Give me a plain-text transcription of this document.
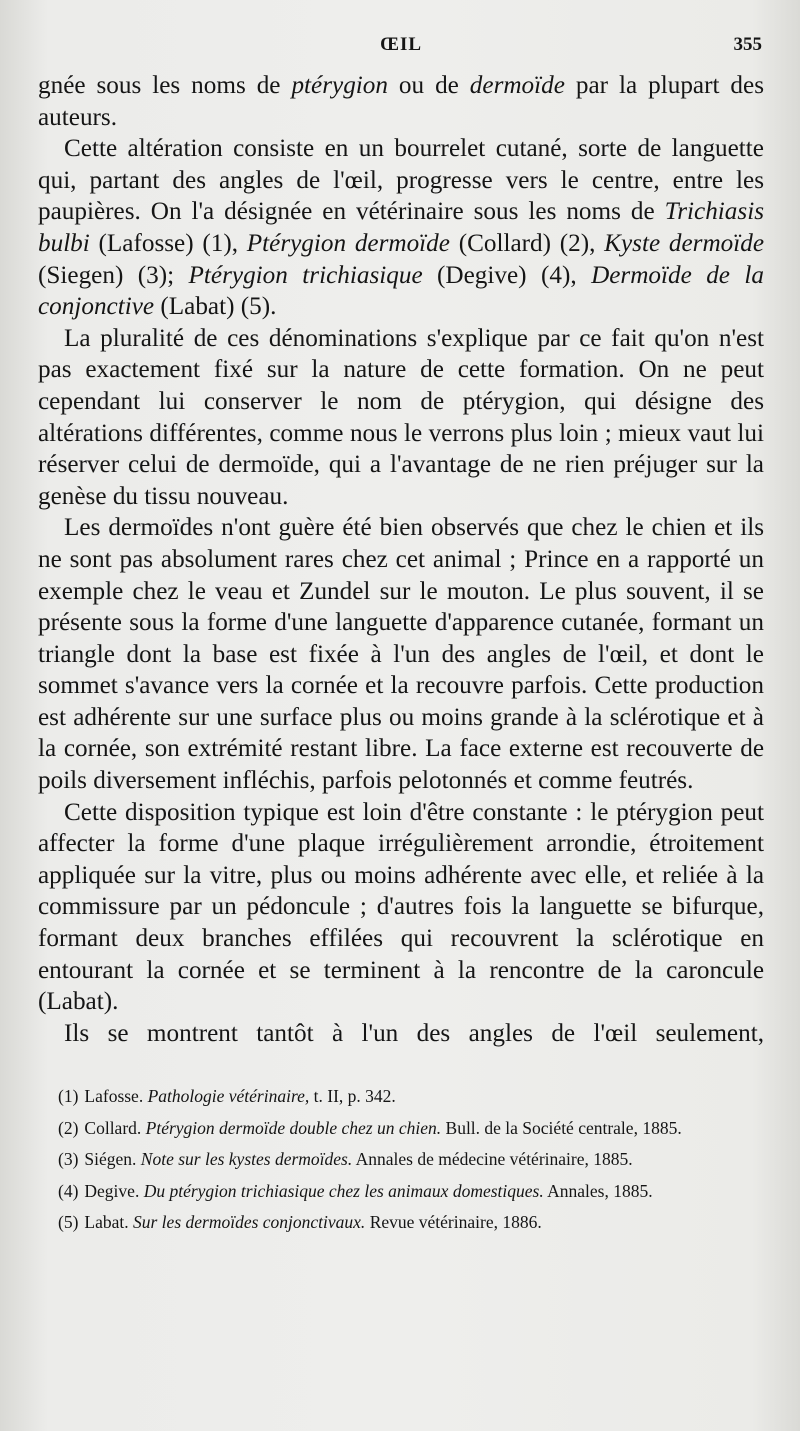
ŒIL	355

gnée sous les noms de ptérygion ou de dermoïde par la plupart des auteurs.

Cette altération consiste en un bourrelet cutané, sorte de languette qui, partant des angles de l'œil, progresse vers le centre, entre les paupières. On l'a désignée en vétérinaire sous les noms de Trichiasis bulbi (Lafosse) (1), Ptérygion dermoïde (Collard) (2), Kyste dermoïde (Siegen) (3); Ptérygion trichiasique (Degive) (4), Dermoïde de la conjonctive (Labat) (5).

La pluralité de ces dénominations s'explique par ce fait qu'on n'est pas exactement fixé sur la nature de cette formation. On ne peut cependant lui conserver le nom de ptérygion, qui désigne des altérations différentes, comme nous le verrons plus loin ; mieux vaut lui réserver celui de dermoïde, qui a l'avantage de ne rien préjuger sur la genèse du tissu nouveau.

Les dermoïdes n'ont guère été bien observés que chez le chien et ils ne sont pas absolument rares chez cet animal ; Prince en a rapporté un exemple chez le veau et Zundel sur le mouton. Le plus souvent, il se présente sous la forme d'une languette d'apparence cutanée, formant un triangle dont la base est fixée à l'un des angles de l'œil, et dont le sommet s'avance vers la cornée et la recouvre parfois. Cette production est adhérente sur une surface plus ou moins grande à la sclérotique et à la cornée, son extrémité restant libre. La face externe est recouverte de poils diversement infléchis, parfois pelotonnés et comme feutrés.

Cette disposition typique est loin d'être constante : le ptérygion peut affecter la forme d'une plaque irrégulièrement arrondie, étroitement appliquée sur la vitre, plus ou moins adhérente avec elle, et reliée à la commissure par un pédoncule ; d'autres fois la languette se bifurque, formant deux branches effilées qui recouvrent la sclérotique en entourant la cornée et se terminent à la rencontre de la caroncule (Labat).

Ils se montrent tantôt à l'un des angles de l'œil seulement,

(1) Lafosse. Pathologie vétérinaire, t. II, p. 342.

(2) Collard. Ptérygion dermoïde double chez un chien. Bull. de la Société centrale, 1885.

(3) Siégen. Note sur les kystes dermoïdes. Annales de médecine vétérinaire, 1885.

(4) Degive. Du ptérygion trichiasique chez les animaux domestiques. Annales, 1885.

(5) Labat. Sur les dermoïdes conjonctivaux. Revue vétérinaire, 1886.
